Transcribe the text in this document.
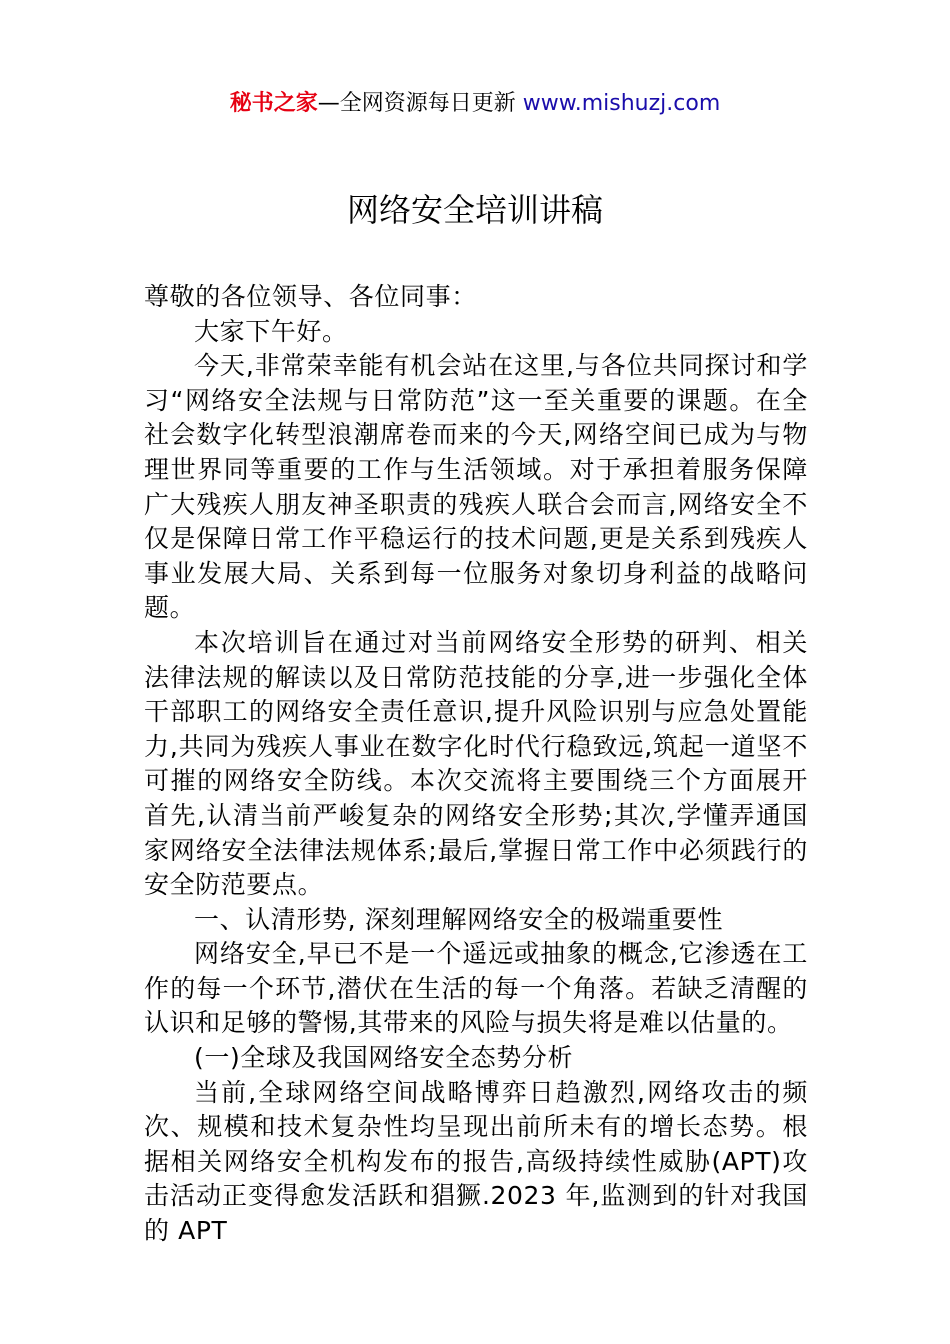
秘书之家—全网资源每日更新 www.mishuzj.com
网络安全培训讲稿

尊敬的各位领导、各位同事：

大家下午好。

今天,非常荣幸能有机会站在这里,与各位共同探讨和学习“网络安全法规与日常防范”这一至关重要的课题。在全社会数字化转型浪潮席卷而来的今天,网络空间已成为与物理世界同等重要的工作与生活领域。对于承担着服务保障广大残疾人朋友神圣职责的残疾人联合会而言,网络安全不仅是保障日常工作平稳运行的技术问题,更是关系到残疾人事业发展大局、关系到每一位服务对象切身利益的战略问题。

本次培训旨在通过对当前网络安全形势的研判、相关法律法规的解读以及日常防范技能的分享,进一步强化全体干部职工的网络安全责任意识,提升风险识别与应急处置能力,共同为残疾人事业在数字化时代行稳致远,筑起一道坚不可摧的网络安全防线。本次交流将主要围绕三个方面展开首先,认清当前严峻复杂的网络安全形势;其次,学懂弄通国家网络安全法律法规体系;最后,掌握日常工作中必须践行的安全防范要点。

一、认清形势, 深刻理解网络安全的极端重要性

网络安全,早已不是一个遥远或抽象的概念,它渗透在工作的每一个环节,潜伏在生活的每一个角落。若缺乏清醒的认识和足够的警惕,其带来的风险与损失将是难以估量的。

(一)全球及我国网络安全态势分析

当前,全球网络空间战略博弈日趋激烈,网络攻击的频次、规模和技术复杂性均呈现出前所未有的增长态势。根据相关网络安全机构发布的报告,高级持续性威胁(APT)攻击活动正变得愈发活跃和猖獗.2023 年,监测到的针对我国的 APT
